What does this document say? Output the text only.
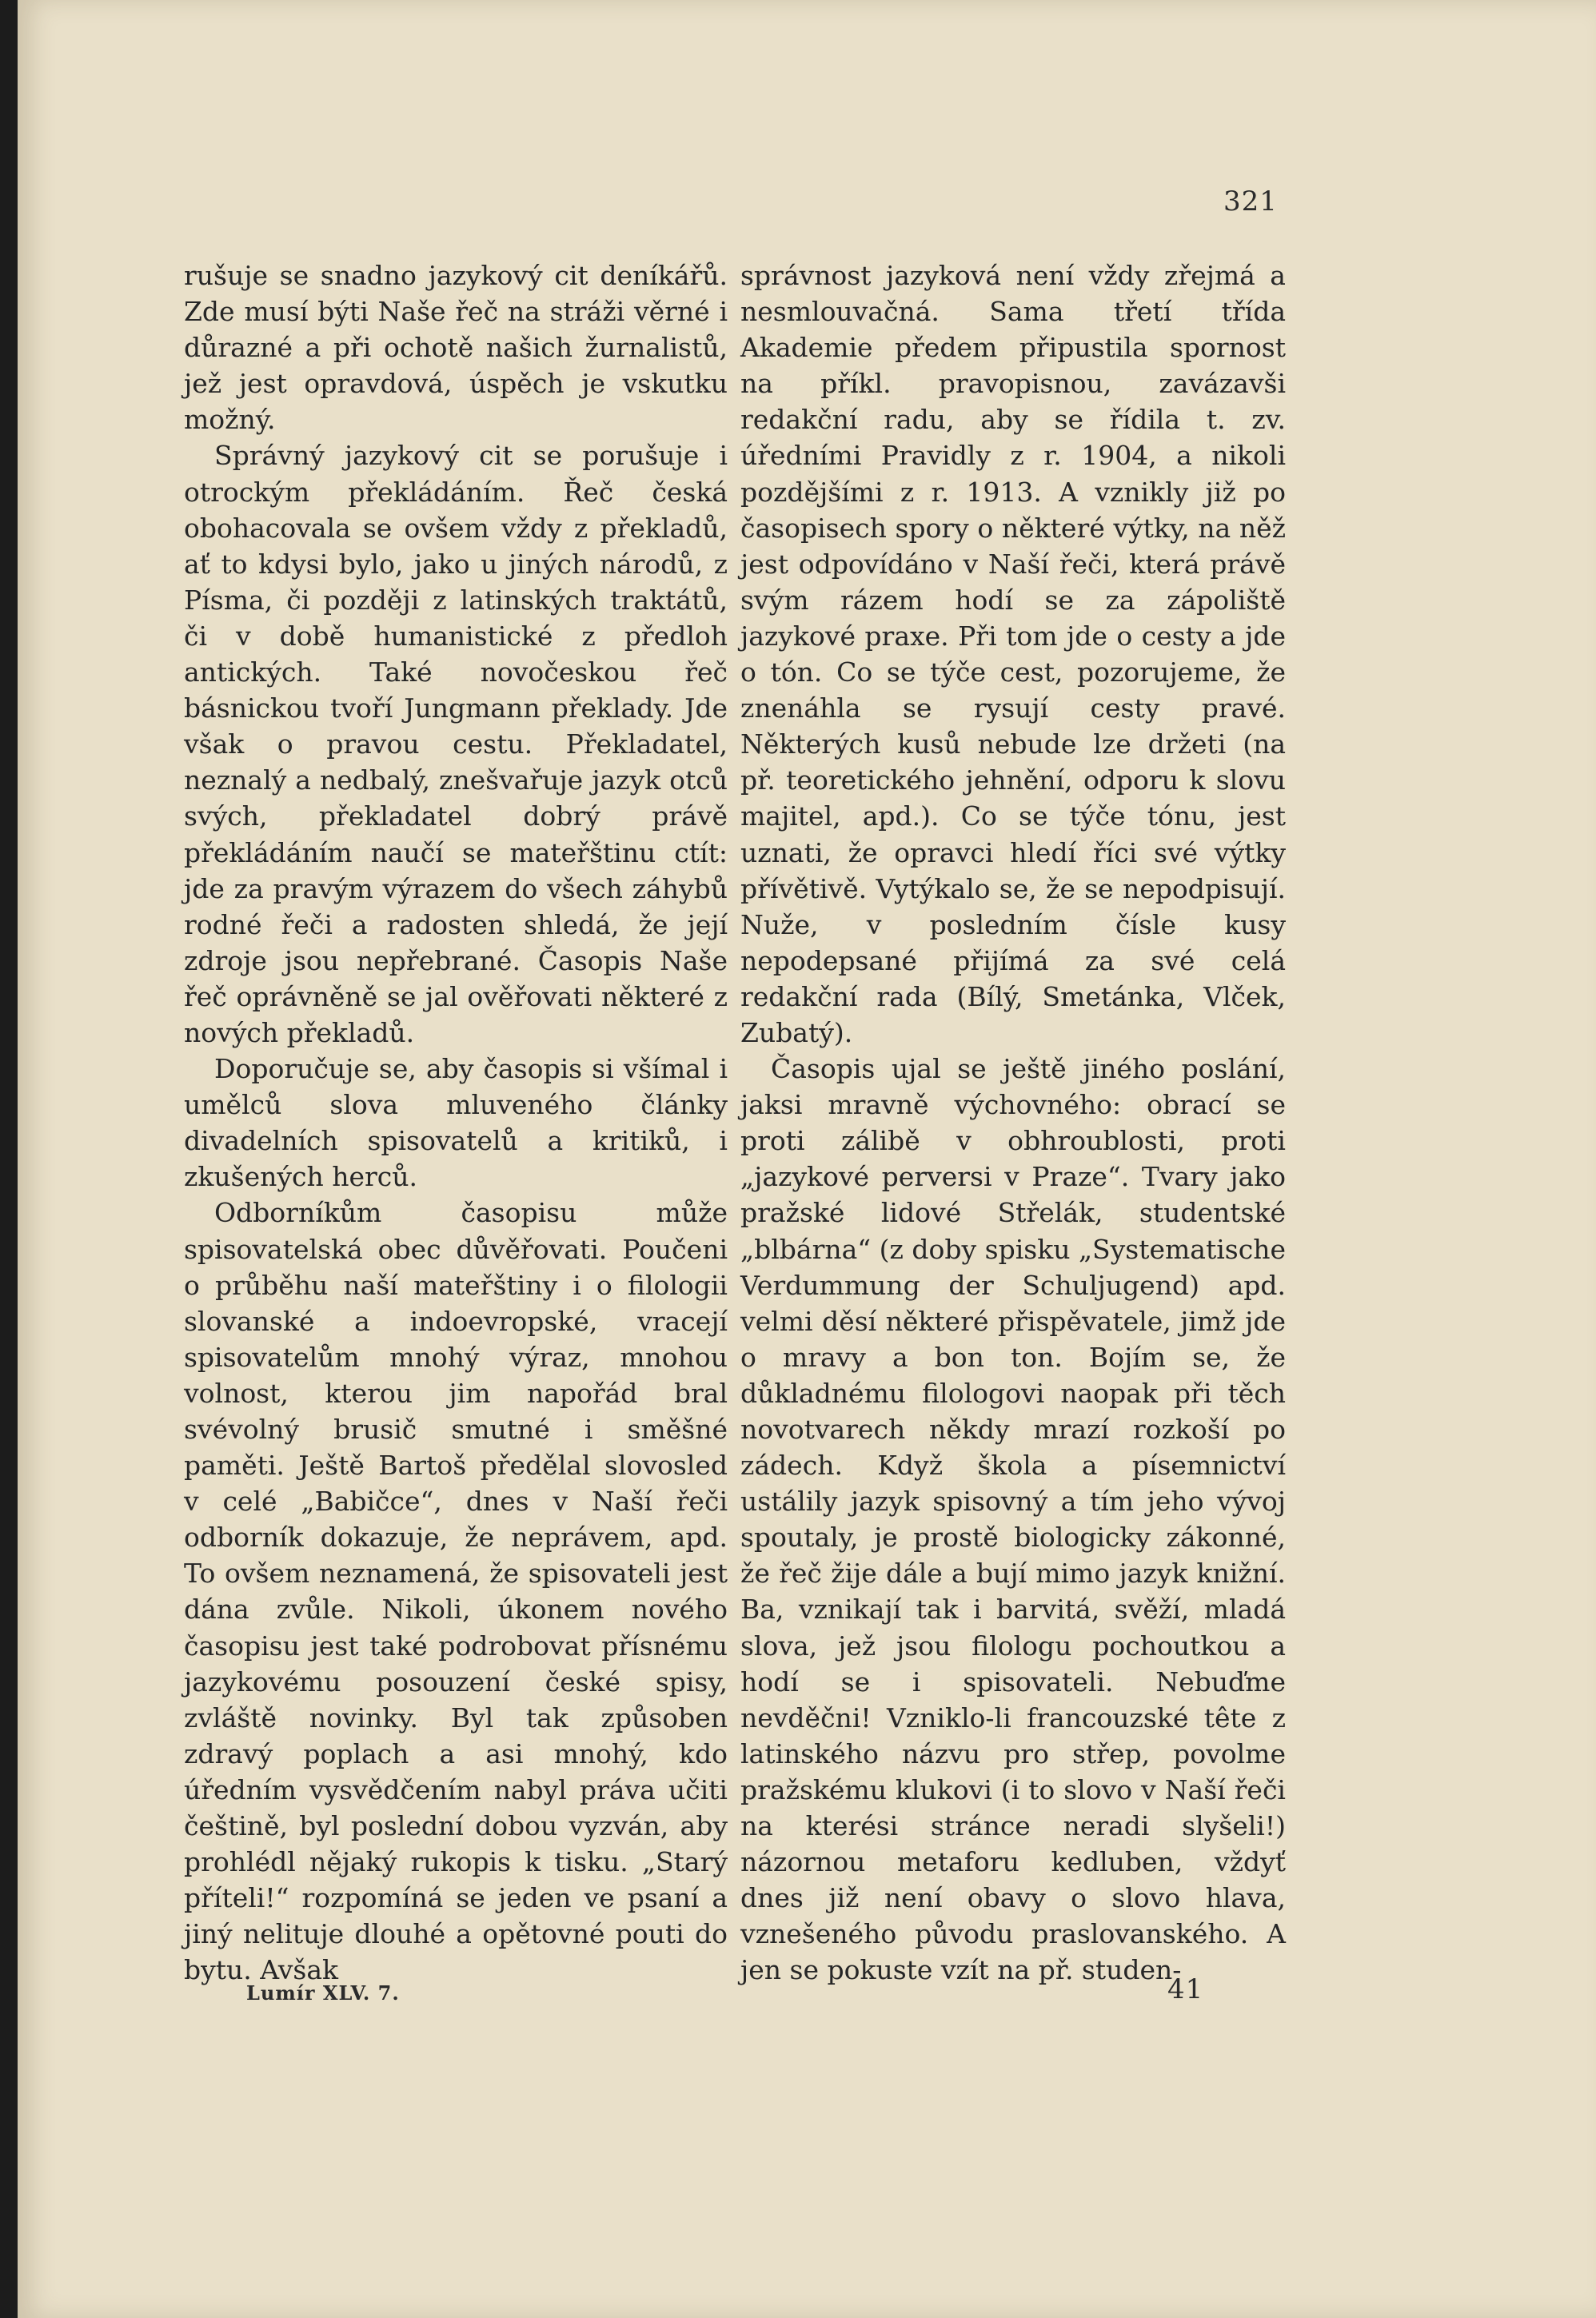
321

rušuje se snadno jazykový cit deníkářů. Zde musí býti Naše řeč na stráži věrné i důrazné a při ochotě našich žurnalistů, jež jest opravdová, úspěch je vskutku možný.

Správný jazykový cit se porušuje i otrockým překládáním. Řeč česká obohacovala se ovšem vždy z překladů, ať to kdysi bylo, jako u jiných národů, z Písma, či později z latinských traktátů, či v době humanistické z předloh antických. Také novočeskou řeč básnickou tvoří Jungmann překlady. Jde však o pravou cestu. Překladatel, neznalý a nedbalý, znešvařuje jazyk otců svých, překladatel dobrý právě překládáním naučí se mateřštinu ctít: jde za pravým výrazem do všech záhybů rodné řeči a radosten shledá, že její zdroje jsou nepřebrané. Časopis Naše řeč oprávněně se jal ověřovati některé z nových překladů.

Doporučuje se, aby časopis si všímal i umělců slova mluveného články divadelních spisovatelů a kritiků, i zkušených herců.

Odborníkům časopisu může spisovatelská obec důvěřovati. Poučeni o průběhu naší mateřštiny i o filologii slovanské a indoevropské, vracejí spisovatelům mnohý výraz, mnohou volnost, kterou jim napořád bral svévolný brusič smutné i směšné paměti. Ještě Bartoš předělal slovosled v celé „Babičce“, dnes v Naší řeči odborník dokazuje, že neprávem, apd. To ovšem neznamená, že spisovateli jest dána zvůle. Nikoli, úkonem nového časopisu jest také podrobovat přísnému jazykovému posouzení české spisy, zvláště novinky. Byl tak způsoben zdravý poplach a asi mnohý, kdo úředním vysvědčením nabyl práva učiti češtině, byl poslední dobou vyzván, aby prohlédl nějaký rukopis k tisku. „Starý příteli!“ rozpomíná se jeden ve psaní a jiný nelituje dlouhé a opětovné pouti do bytu. Avšak

správnost jazyková není vždy zřejmá a nesmlouvačná. Sama třetí třída Akademie předem připustila spornost na příkl. pravopisnou, zavázavši redakční radu, aby se řídila t. zv. úředními Pravidly z r. 1904, a nikoli pozdějšími z r. 1913. A vznikly již po časopisech spory o některé výtky, na něž jest odpovídáno v Naší řeči, která právě svým rázem hodí se za zápoliště jazykové praxe. Při tom jde o cesty a jde o tón. Co se týče cest, pozorujeme, že znenáhla se rysují cesty pravé. Některých kusů nebude lze držeti (na př. teoretického jehnění, odporu k slovu majitel, apd.). Co se týče tónu, jest uznati, že opravci hledí říci své výtky přívětivě. Vytýkalo se, že se nepodpisují. Nuže, v posledním čísle kusy nepodepsané přijímá za své celá redakční rada (Bílý, Smetánka, Vlček, Zubatý).

Časopis ujal se ještě jiného poslání, jaksi mravně výchovného: obrací se proti zálibě v obhroublosti, proti „jazykové perversi v Praze“. Tvary jako pražské lidové Střelák, studentské „blbárna“ (z doby spisku „Systematische Verdummung der Schuljugend) apd. velmi děsí některé přispěvatele, jimž jde o mravy a bon ton. Bojím se, že důkladnému filologovi naopak při těch novotvarech někdy mrazí rozkoší po zádech. Když škola a písemnictví ustálily jazyk spisovný a tím jeho vývoj spoutaly, je prostě biologicky zákonné, že řeč žije dále a bují mimo jazyk knižní. Ba, vznikají tak i barvitá, svěží, mladá slova, jež jsou filologu pochoutkou a hodí se i spisovateli. Nebuďme nevděčni! Vzniklo-li francouzské tête z latinského názvu pro střep, povolme pražskému klukovi (i to slovo v Naší řeči na kterési stránce neradi slyšeli!) názornou metaforu kedluben, vždyť dnes již není obavy o slovo hlava, vznešeného původu praslovanského. A jen se pokuste vzít na př. studen-

Lumír XLV. 7.	41
